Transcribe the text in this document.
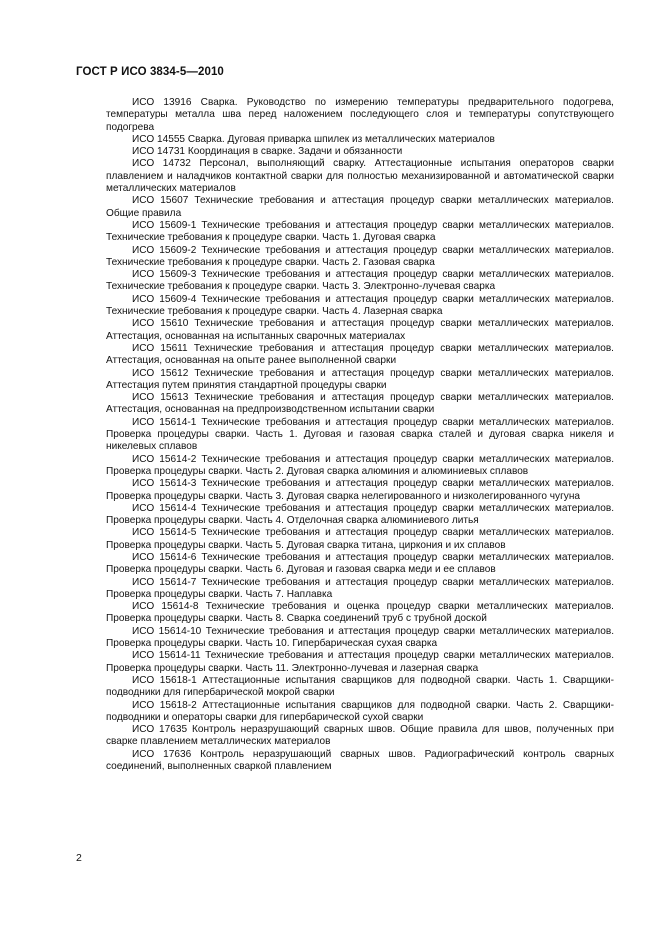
ГОСТ Р ИСО 3834-5—2010

ИСО 13916 Сварка. Руководство по измерению температуры предварительного подогрева, температуры металла шва перед наложением последующего слоя и температуры сопутствующего подогрева

ИСО 14555 Сварка. Дуговая приварка шпилек из металлических материалов

ИСО 14731 Координация в сварке. Задачи и обязанности

ИСО 14732 Персонал, выполняющий сварку. Аттестационные испытания операторов сварки плавлением и наладчиков контактной сварки для полностью механизированной и автоматической сварки металлических материалов

ИСО 15607 Технические требования и аттестация процедур сварки металлических материалов. Общие правила

ИСО 15609-1 Технические требования и аттестация процедур сварки металлических материалов. Технические требования к процедуре сварки. Часть 1. Дуговая сварка

ИСО 15609-2 Технические требования и аттестация процедур сварки металлических материалов. Технические требования к процедуре сварки. Часть 2. Газовая сварка

ИСО 15609-3 Технические требования и аттестация процедур сварки металлических материалов. Технические требования к процедуре сварки. Часть 3. Электронно-лучевая сварка

ИСО 15609-4 Технические требования и аттестация процедур сварки металлических материалов. Технические требования к процедуре сварки. Часть 4. Лазерная сварка

ИСО 15610 Технические требования и аттестация процедур сварки металлических материалов. Аттестация, основанная на испытанных сварочных материалах

ИСО 15611 Технические требования и аттестация процедур сварки металлических материалов. Аттестация, основанная на опыте ранее выполненной сварки

ИСО 15612 Технические требования и аттестация процедур сварки металлических материалов. Аттестация путем принятия стандартной процедуры сварки

ИСО 15613 Технические требования и аттестация процедур сварки металлических материалов. Аттестация, основанная на предпроизводственном испытании сварки

ИСО 15614-1 Технические требования и аттестация процедур сварки металлических материалов. Проверка процедуры сварки. Часть 1. Дуговая и газовая сварка сталей и дуговая сварка никеля и никелевых сплавов

ИСО 15614-2 Технические требования и аттестация процедур сварки металлических материалов. Проверка процедуры сварки. Часть 2. Дуговая сварка алюминия и алюминиевых сплавов

ИСО 15614-3 Технические требования и аттестация процедур сварки металлических материалов. Проверка процедуры сварки. Часть 3. Дуговая сварка нелегированного и низколегированного чугуна

ИСО 15614-4 Технические требования и аттестация процедур сварки металлических материалов. Проверка процедуры сварки. Часть 4. Отделочная сварка алюминиевого литья

ИСО 15614-5 Технические требования и аттестация процедур сварки металлических материалов. Проверка процедуры сварки. Часть 5. Дуговая сварка титана, циркония и их сплавов

ИСО 15614-6 Технические требования и аттестация процедур сварки металлических материалов. Проверка процедуры сварки. Часть 6. Дуговая и газовая сварка меди и ее сплавов

ИСО 15614-7 Технические требования и аттестация процедур сварки металлических материалов. Проверка процедуры сварки. Часть 7. Наплавка

ИСО 15614-8 Технические требования и оценка процедур сварки металлических материалов. Проверка процедуры сварки. Часть 8. Сварка соединений труб с трубной доской

ИСО 15614-10 Технические требования и аттестация процедур сварки металлических материалов. Проверка процедуры сварки. Часть 10. Гипербарическая сухая сварка

ИСО 15614-11 Технические требования и аттестация процедур сварки металлических материалов. Проверка процедуры сварки. Часть 11. Электронно-лучевая и лазерная сварка

ИСО 15618-1 Аттестационные испытания сварщиков для подводной сварки. Часть 1. Сварщики-подводники для гипербарической мокрой сварки

ИСО 15618-2 Аттестационные испытания сварщиков для подводной сварки. Часть 2. Сварщики-подводники и операторы сварки для гипербарической сухой сварки

ИСО 17635 Контроль неразрушающий сварных швов. Общие правила для швов, полученных при сварке плавлением металлических материалов

ИСО 17636 Контроль неразрушающий сварных швов. Радиографический контроль сварных соединений, выполненных сваркой плавлением

2
